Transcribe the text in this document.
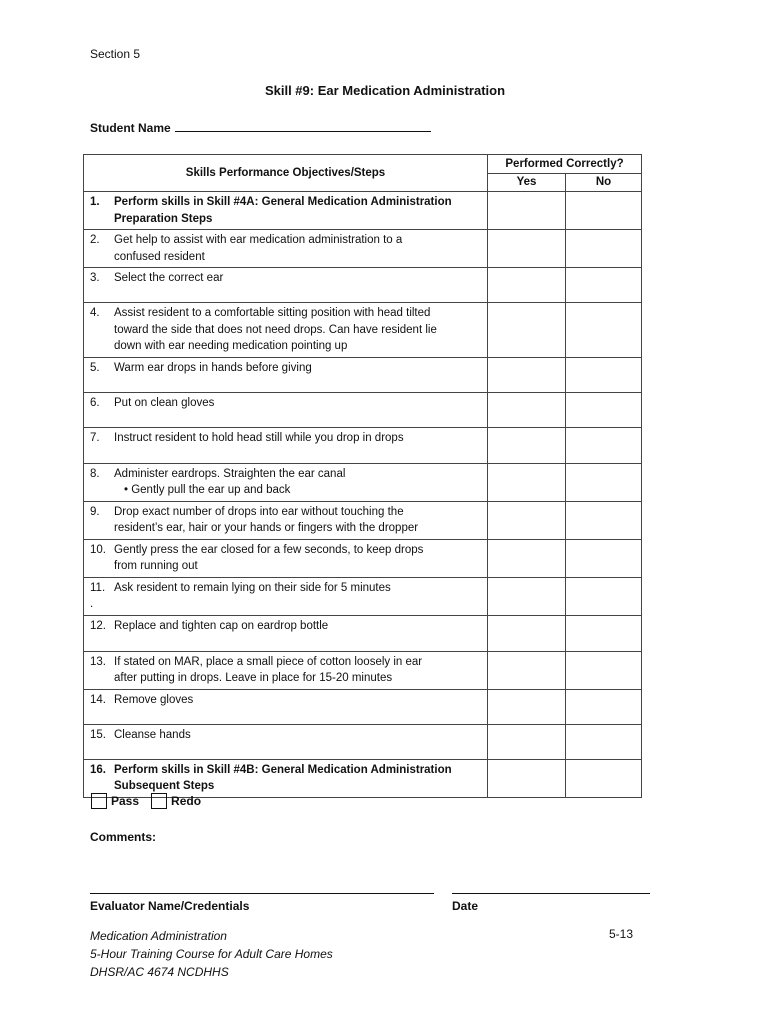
Section 5
Skill #9: Ear Medication Administration
Student Name
Skills Performance Objectives/Steps	Performed Correctly?	
	Yes	No

1. Perform skills in Skill #4A: General Medication Administration
Preparation Steps		

2. Get help to assist with ear medication administration to a
confused resident		

3. Select the correct ear		

4. Assist resident to a comfortable sitting position with head tilted
toward the side that does not need drops. Can have resident lie
down with ear needing medication pointing up		

5. Warm ear drops in hands before giving		

6. Put on clean gloves		

7. Instruct resident to hold head still while you drop in drops		

8. Administer eardrops. Straighten the ear canal
• Gently pull the ear up and back		

9. Drop exact number of drops into ear without touching the
resident’s ear, hair or your hands or fingers with the dropper		

10. Gently press the ear closed for a few seconds, to keep drops
from running out		

11. Ask resident to remain lying on their side for 5 minutes
.		

12. Replace and tighten cap on eardrop bottle		

13. If stated on MAR, place a small piece of cotton loosely in ear
after putting in drops. Leave in place for 15-20 minutes		

14. Remove gloves		

15. Cleanse hands		

16. Perform skills in Skill #4B: General Medication Administration
Subsequent Steps		

Pass	Redo
Comments:
Evaluator Name/Credentials	Date
Medication Administration
5-Hour Training Course for Adult Care Homes
DHSR/AC 4674 NCDHHS
5-13
